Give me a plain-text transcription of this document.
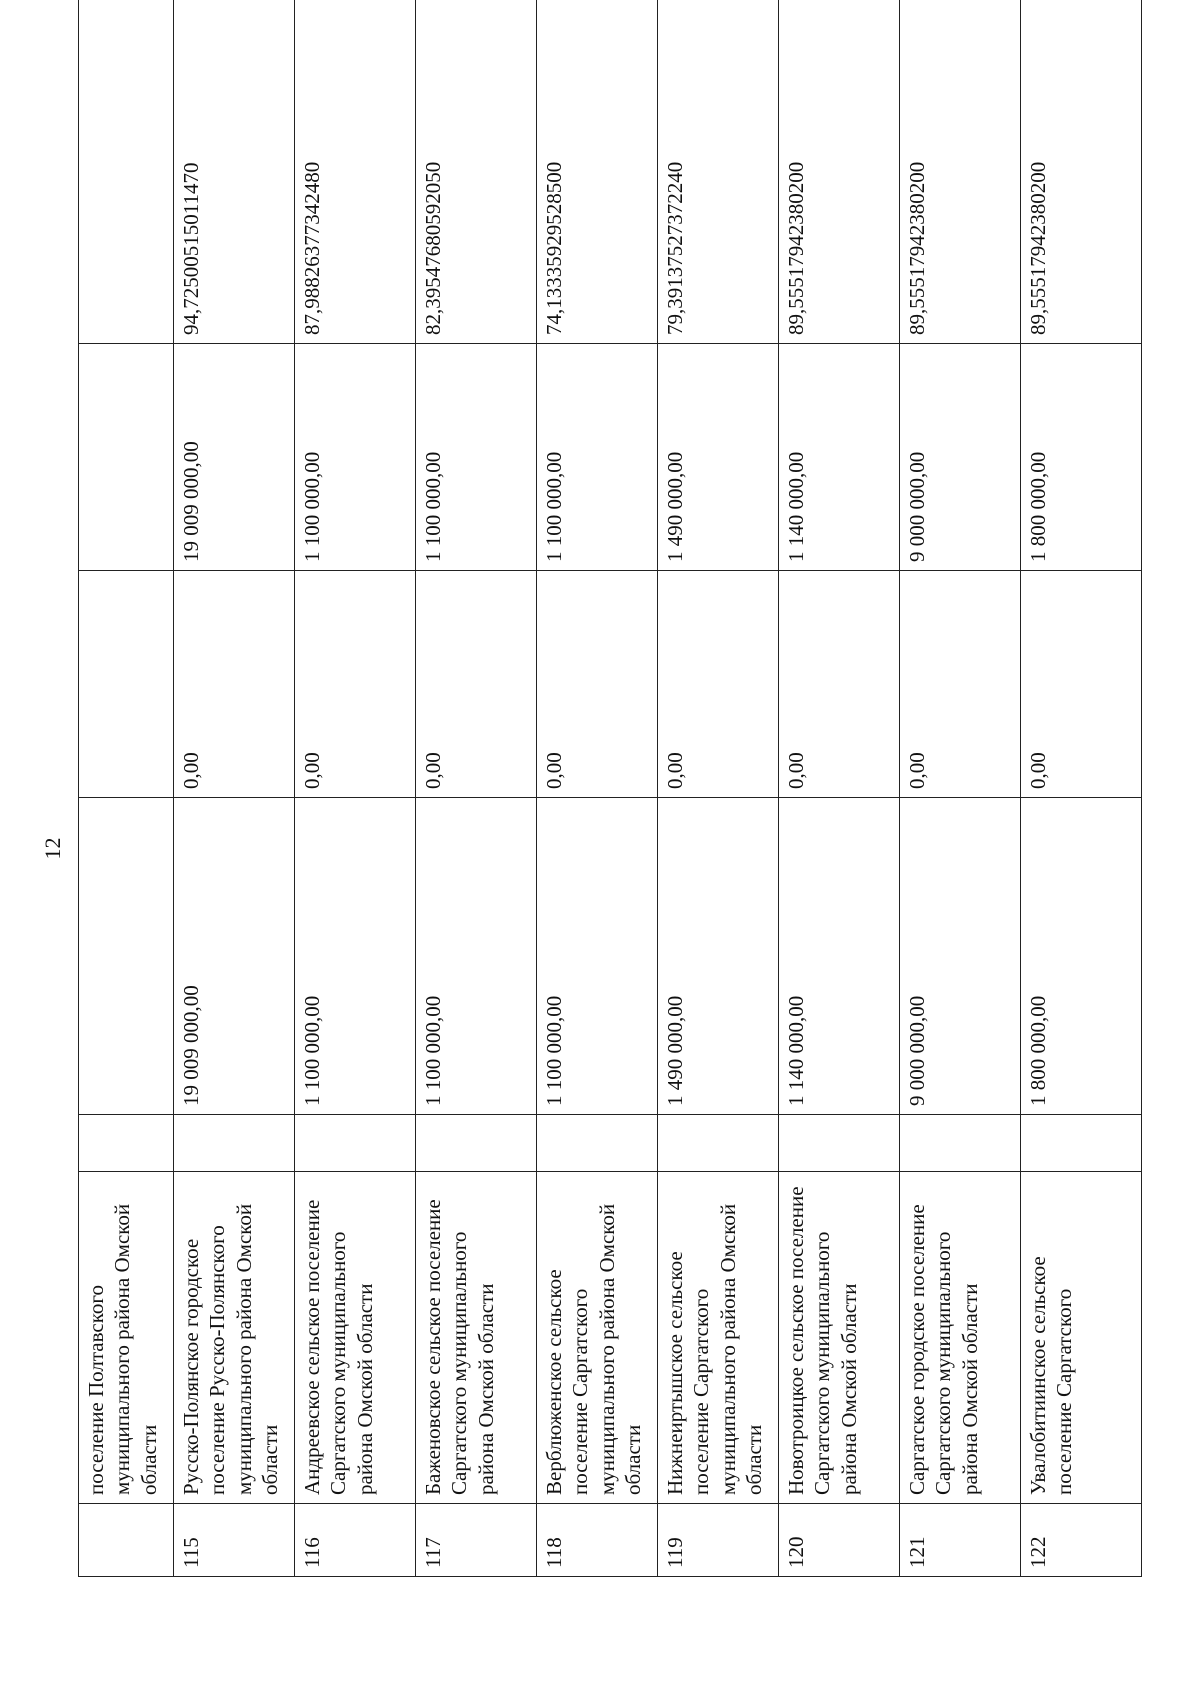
12
	поселение Полтавского муниципального района Омской области					
115	Русско-Полянское городское поселение Русско-Полянского муниципального района Омской области		19 009 000,00	0,00	19 009 000,00	94,72500515011470
116	Андреевское сельское поселение Саргатского муниципального района Омской области		1 100 000,00	0,00	1 100 000,00	87,98826377342480
117	Баженовское сельское поселение Саргатского муниципального района Омской области		1 100 000,00	0,00	1 100 000,00	82,39547680592050
118	Верблюженское сельское поселение Саргатского муниципального района Омской области		1 100 000,00	0,00	1 100 000,00	74,13335929528500
119	Нижнеиртышское сельское поселение Саргатского муниципального района Омской области		1 490 000,00	0,00	1 490 000,00	79,39137527372240
120	Новотроицкое сельское поселение Саргатского муниципального района Омской области		1 140 000,00	0,00	1 140 000,00	89,55517942380200
121	Саргатское городское поселение Саргатского муниципального района Омской области		9 000 000,00	0,00	9 000 000,00	89,55517942380200
122	Увалобитиинское сельское поселение Саргатского		1 800 000,00	0,00	1 800 000,00	89,55517942380200
